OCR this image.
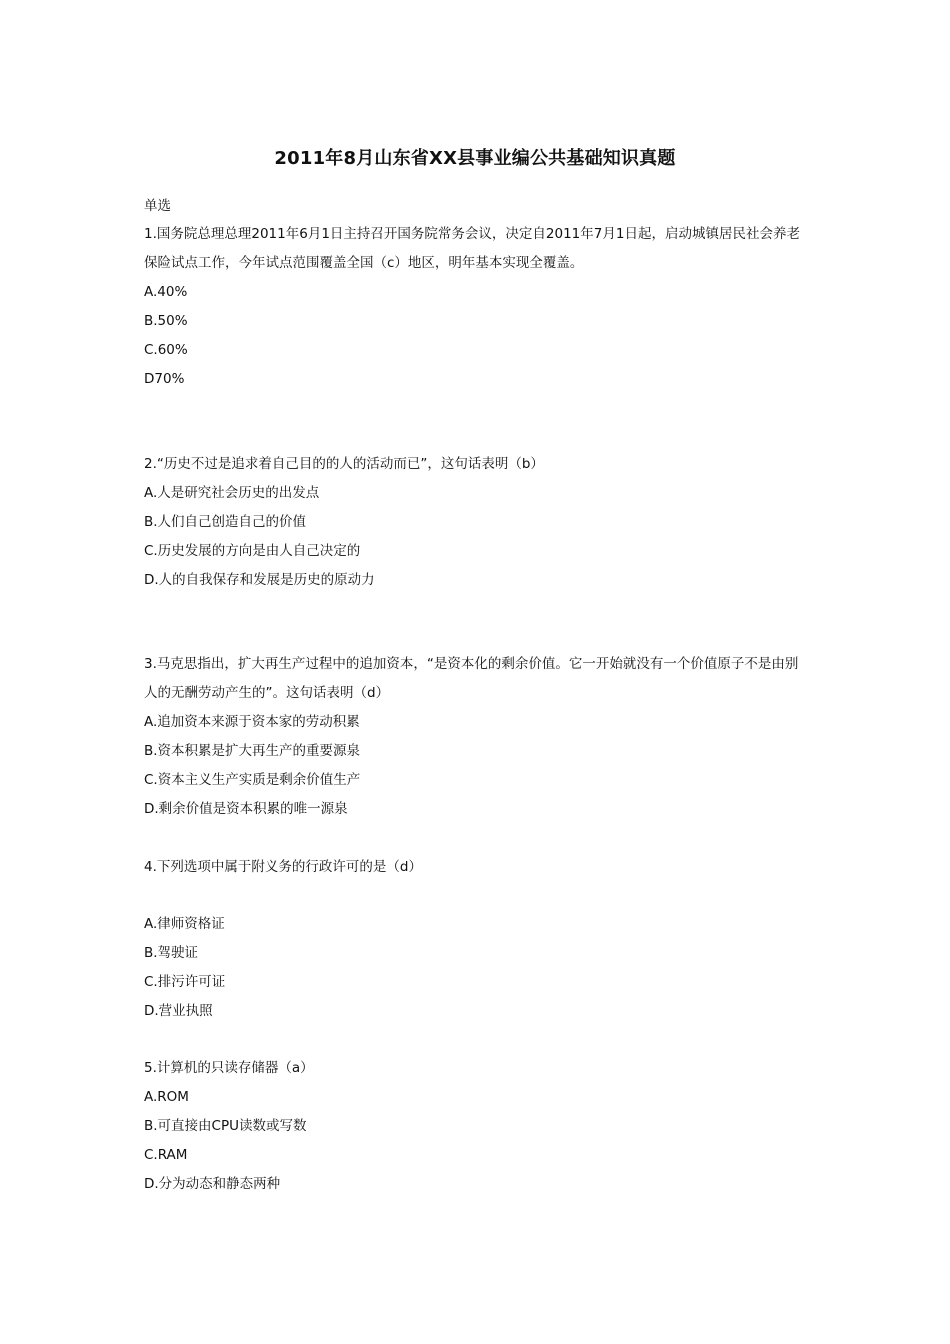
2011年8月山东省XX县事业编公共基础知识真题
单选
1.国务院总理总理2011年6月1日主持召开国务院常务会议，决定自2011年7月1日起，启动城镇居民社会养老保险试点工作，今年试点范围覆盖全国（c）地区，明年基本实现全覆盖。
A.40%
B.50%
C.60%
D70%
2.“历史不过是追求着自己目的的人的活动而已”，这句话表明（b）
A.人是研究社会历史的出发点
B.人们自己创造自己的价值
C.历史发展的方向是由人自己决定的
D.人的自我保存和发展是历史的原动力
3.马克思指出，扩大再生产过程中的追加资本，“是资本化的剩余价值。它一开始就没有一个价值原子不是由别人的无酬劳动产生的”。这句话表明（d）
A.追加资本来源于资本家的劳动积累
B.资本积累是扩大再生产的重要源泉
C.资本主义生产实质是剩余价值生产
D.剩余价值是资本积累的唯一源泉
4.下列选项中属于附义务的行政许可的是（d）
A.律师资格证
B.驾驶证
C.排污许可证
D.营业执照
5.计算机的只读存储器（a）
A.ROM
B.可直接由CPU读数或写数
C.RAM
D.分为动态和静态两种
